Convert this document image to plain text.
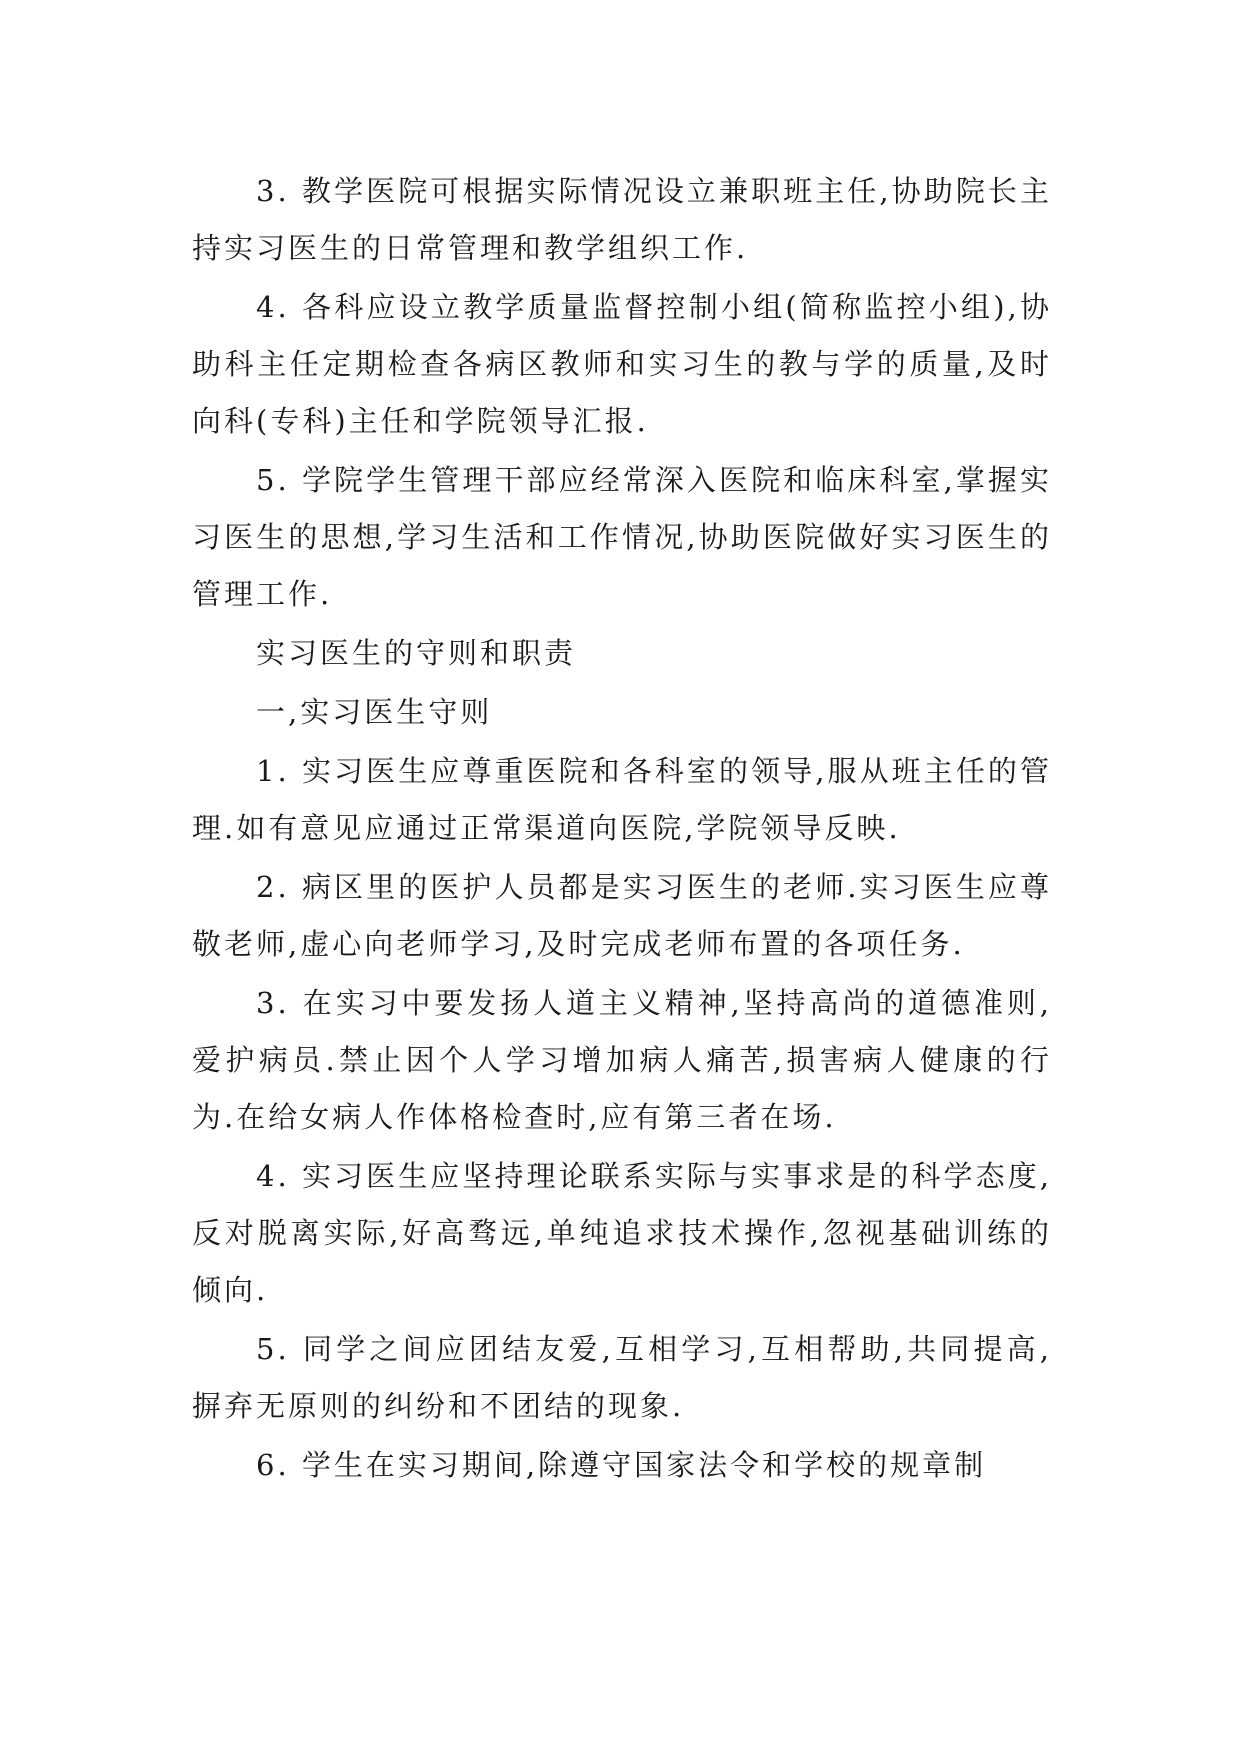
3. 教学医院可根据实际情况设立兼职班主任,协助院长主持实习医生的日常管理和教学组织工作.

4. 各科应设立教学质量监督控制小组(简称监控小组),协助科主任定期检查各病区教师和实习生的教与学的质量,及时向科(专科)主任和学院领导汇报.

5. 学院学生管理干部应经常深入医院和临床科室,掌握实习医生的思想,学习生活和工作情况,协助医院做好实习医生的管理工作.

实习医生的守则和职责

一,实习医生守则

1. 实习医生应尊重医院和各科室的领导,服从班主任的管理.如有意见应通过正常渠道向医院,学院领导反映.

2. 病区里的医护人员都是实习医生的老师.实习医生应尊敬老师,虚心向老师学习,及时完成老师布置的各项任务.

3. 在实习中要发扬人道主义精神,坚持高尚的道德准则,爱护病员.禁止因个人学习增加病人痛苦,损害病人健康的行为.在给女病人作体格检查时,应有第三者在场.

4. 实习医生应坚持理论联系实际与实事求是的科学态度,反对脱离实际,好高骛远,单纯追求技术操作,忽视基础训练的倾向.

5. 同学之间应团结友爱,互相学习,互相帮助,共同提高,摒弃无原则的纠纷和不团结的现象.

6. 学生在实习期间,除遵守国家法令和学校的规章制
